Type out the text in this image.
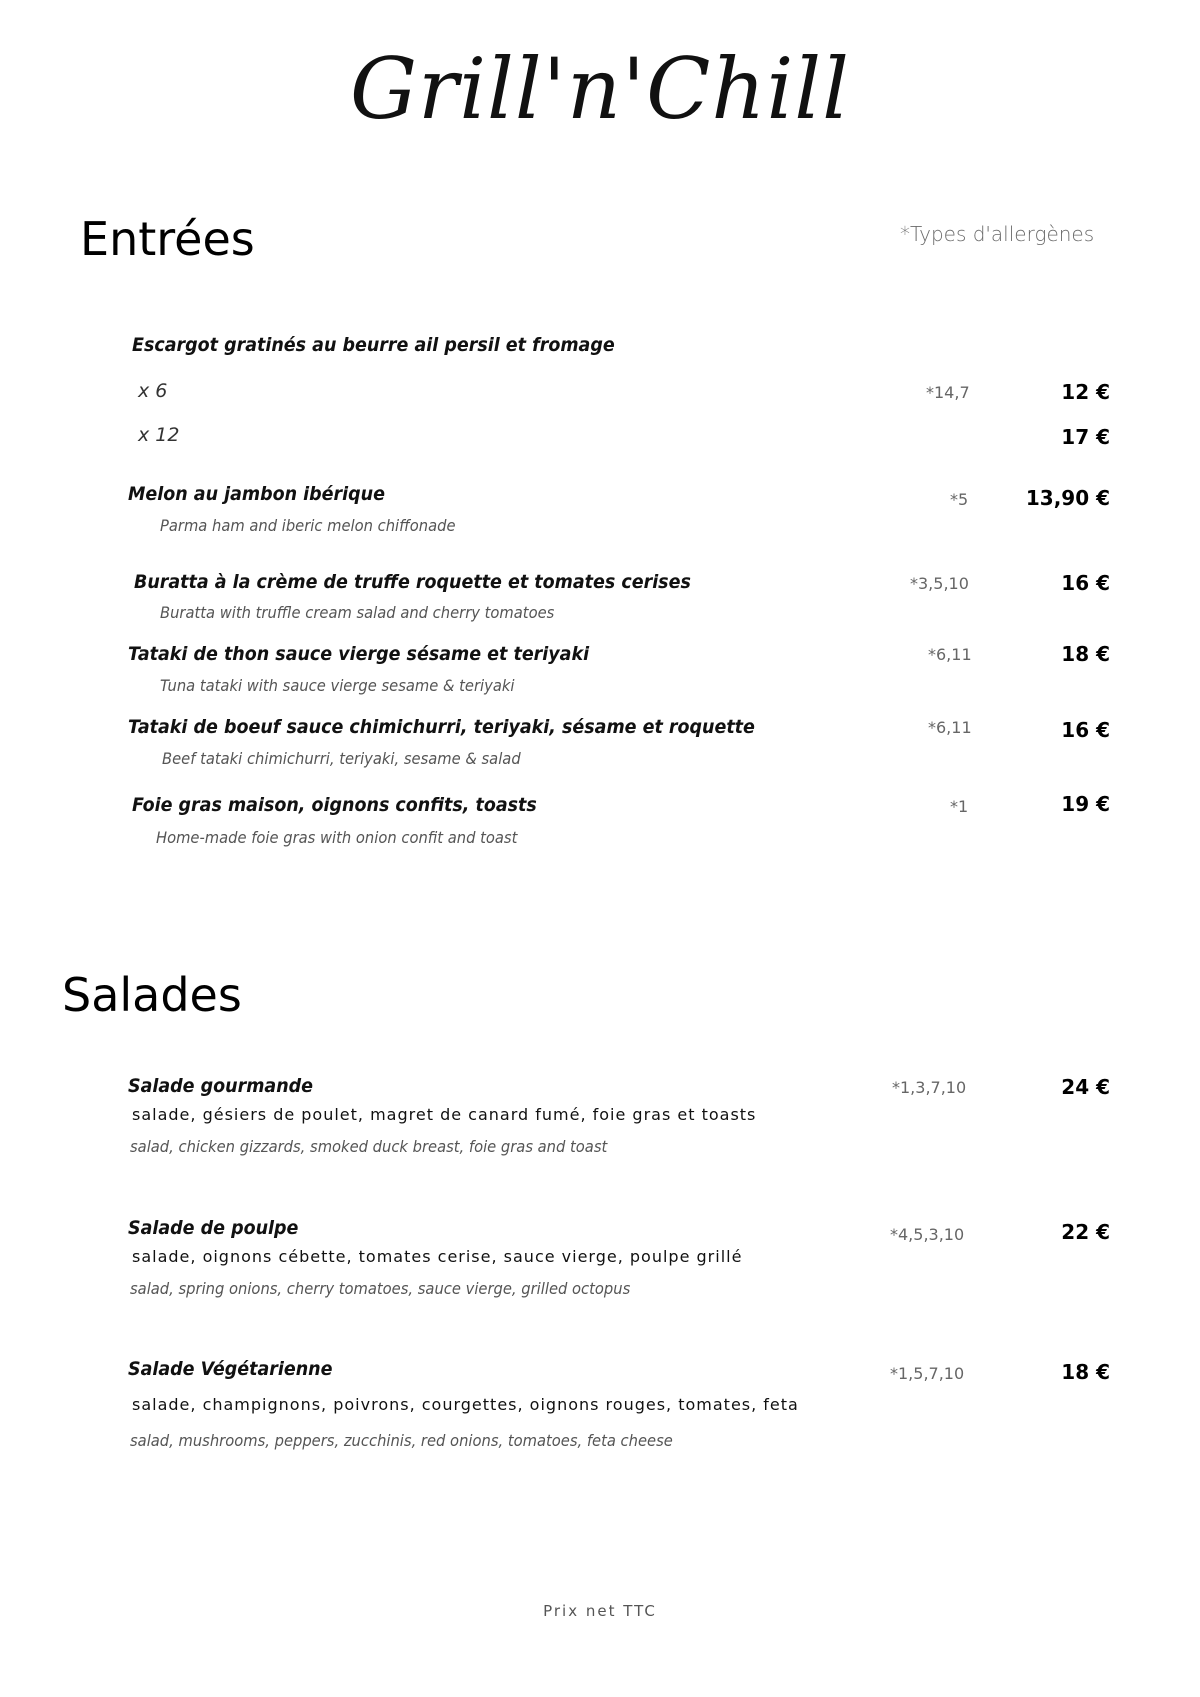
Grill'n'Chill
Entrées	*Types d'allergènes
Escargot gratinés au beurre ail persil et fromage
x 6	*14,7	12 €
x 12	17 €
Melon au jambon ibérique
Parma ham and iberic melon chiffonade
*5	13,90 €
Buratta à la crème de truffe roquette et tomates cerises
Buratta with truffle cream salad and cherry tomatoes
*3,5,10	16 €
Tataki de thon sauce vierge sésame et teriyaki
Tuna tataki with sauce vierge sesame & teriyaki
*6,11	18 €
Tataki de boeuf sauce chimichurri, teriyaki, sésame et roquette
Beef tataki chimichurri, teriyaki, sesame & salad
*6,11	16 €
Foie gras maison, oignons confits, toasts
Home-made foie gras with onion confit and toast
*1	19 €
Salades
Salade gourmande
salade, gésiers de poulet, magret de canard fumé, foie gras et toasts
salad, chicken gizzards, smoked duck breast, foie gras and toast
*1,3,7,10	24 €
Salade de poulpe
salade, oignons cébette, tomates cerise, sauce vierge, poulpe grillé
salad, spring onions, cherry tomatoes, sauce vierge, grilled octopus
*4,5,3,10	22 €
Salade Végétarienne
salade, champignons, poivrons, courgettes, oignons rouges, tomates, feta
salad, mushrooms, peppers, zucchinis, red onions, tomatoes, feta cheese
*1,5,7,10	18 €
Prix net TTC
